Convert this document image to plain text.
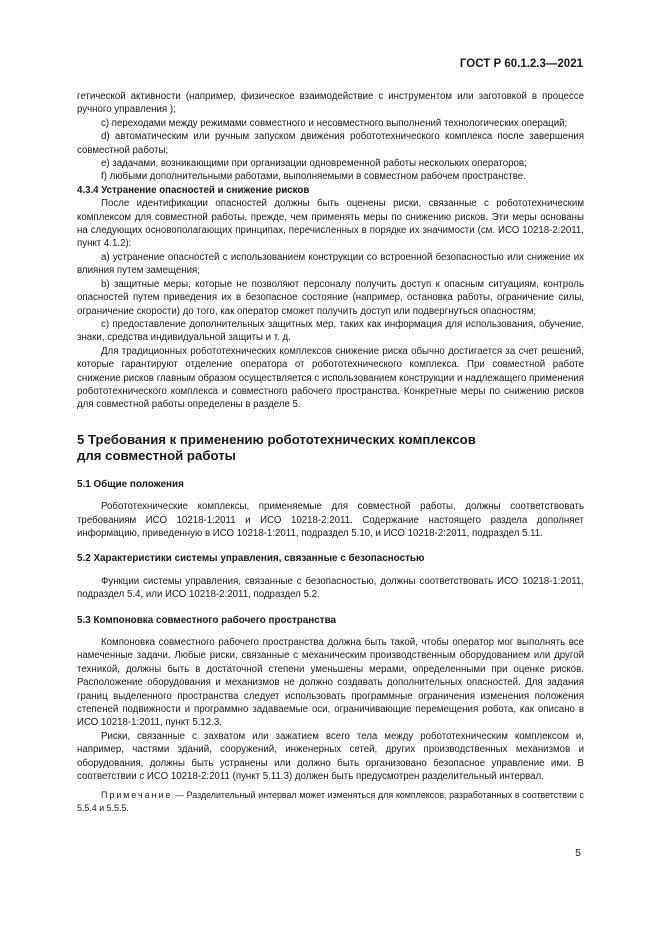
ГОСТ Р 60.1.2.3—2021

гетической активности (например, физическое взаимодействие с инструментом или заготовкой в процессе ручного управления );

c) переходами между режимами совместного и несовместного выполнений технологических операций;

d) автоматическим или ручным запуском движения робототехнического комплекса после завершения совместной работы;

e) задачами, возникающими при организации одновременной работы нескольких операторов;

f) любыми дополнительными работами, выполняемыми в совместном рабочем пространстве.

4.3.4 Устранение опасностей и снижение рисков

После идентификации опасностей должны быть оценены риски, связанные с робототехническим комплексом для совместной работы, прежде, чем применять меры по снижению рисков. Эти меры основаны на следующих основополагающих принципах, перечисленных в порядке их значимости (см. ИСО 10218-2:2011, пункт 4.1.2):

a) устранение опасностей с использованием конструкции со встроенной безопасностью или снижение их влияния путем замещения;

b) защитные меры, которые не позволяют персоналу получить доступ к опасным ситуациям, контроль опасностей путем приведения их в безопасное состояние (например, остановка работы, ограничение силы, ограничение скорости) до того, как оператор сможет получить доступ или подвергнуться опасностям;

c) предоставление дополнительных защитных мер, таких как информация для использования, обучение, знаки, средства индивидуальной защиты и т. д.

Для традиционных робототехнических комплексов снижение риска обычно достигается за счет решений, которые гарантируют отделение оператора от робототехнического комплекса. При совместной работе снижение рисков главным образом осуществляется с использованием конструкции и надлежащего применения робототехнического комплекса и совместного рабочего пространства. Конкретные меры по снижению рисков для совместной работы определены в разделе 5.

5 Требования к применению робототехнических комплексов
для совместной работы

5.1 Общие положения

Робототехнические комплексы, применяемые для совместной работы, должны соответствовать требованиям ИСО 10218-1:2011 и ИСО 10218-2:2011. Содержание настоящего раздела дополняет информацию, приведенную в ИСО 10218-1:2011, подраздел 5.10, и ИСО 10218-2:2011, подраздел 5.11.

5.2 Характеристики системы управления, связанные с безопасностью

Функции системы управления, связанные с безопасностью, должны соответствовать ИСО 10218-1:2011, подраздел 5.4, или ИСО 10218-2:2011, подраздел 5.2.

5.3 Компоновка совместного рабочего пространства

Компоновка совместного рабочего пространства должна быть такой, чтобы оператор мог выполнять все намеченные задачи. Любые риски, связанные с механическим производственным оборудованием или другой техникой, должны быть в достаточной степени уменьшены мерами, определенными при оценке рисков. Расположение оборудования и механизмов не должно создавать дополнительных опасностей. Для задания границ выделенного пространства следует использовать программные ограничения изменения положения степеней подвижности и программно задаваемые оси, ограничивающие перемещения робота, как описано в ИСО 10218-1:2011, пункт 5.12.3.

Риски, связанные с захватом или зажатием всего тела между робототехническим комплексом и, например, частями зданий, сооружений, инженерных сетей, других производственных механизмов и оборудования, должны быть устранены или должно быть организовано безопасное управление ими. В соответствии с ИСО 10218-2:2011 (пункт 5.11.3) должен быть предусмотрен разделительный интервал.

Примечание — Разделительный интервал может изменяться для комплексов, разработанных в соответствии с 5.5.4 и 5.5.5.

5
